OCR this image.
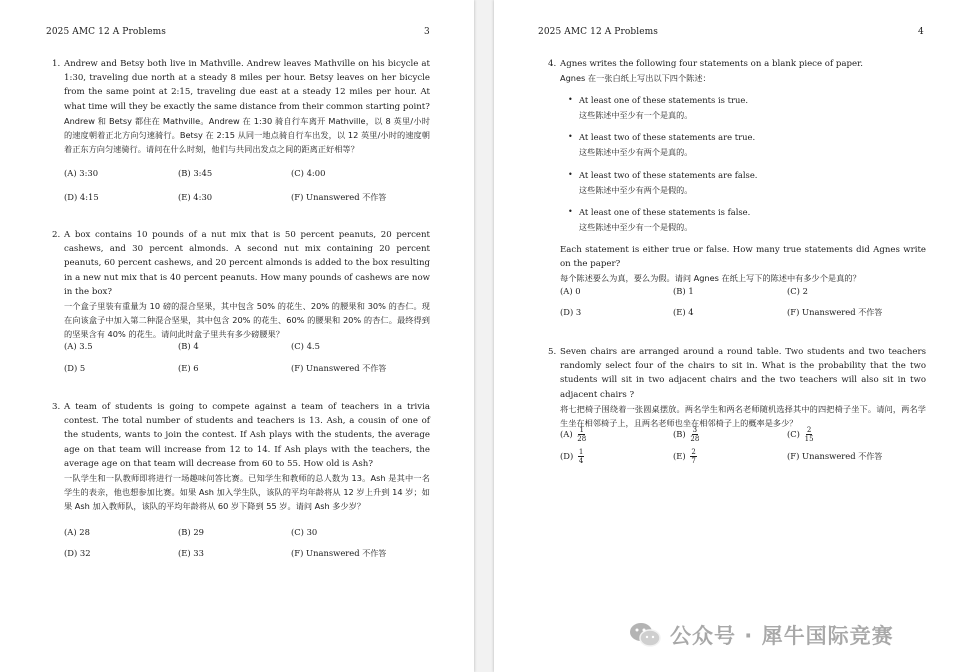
2025 AMC 12 A Problems	3
1. Andrew and Betsy both live in Mathville. Andrew leaves Mathville on his bicycle at 1:30, traveling due north at a steady 8 miles per hour. Betsy leaves on her bicycle from the same point at 2:15, traveling due east at a steady 12 miles per hour. At what time will they be exactly the same distance from their common starting point?
Andrew 和 Betsy 都住在 Mathville。Andrew 在 1:30 骑自行车离开 Mathville，以 8 英里/小时的速度朝着正北方向匀速骑行。Betsy 在 2:15 从同一地点骑自行车出发，以 12 英里/小时的速度朝着正东方向匀速骑行。请问在什么时刻，他们与共同出发点之间的距离正好相等？
(A) 3:30	(B) 3:45	(C) 4:00
(D) 4:15	(E) 4:30	(F) Unanswered 不作答
2. A box contains 10 pounds of a nut mix that is 50 percent peanuts, 20 percent cashews, and 30 percent almonds. A second nut mix containing 20 percent peanuts, 60 percent cashews, and 20 percent almonds is added to the box resulting in a new nut mix that is 40 percent peanuts. How many pounds of cashews are now in the box?
一个盒子里装有重量为 10 磅的混合坚果，其中包含 50% 的花生、20% 的腰果和 30% 的杏仁。现在向该盒子中加入第二种混合坚果，其中包含 20% 的花生、60% 的腰果和 20% 的杏仁。最终得到的坚果含有 40% 的花生。请问此时盒子里共有多少磅腰果？
(A) 3.5	(B) 4	(C) 4.5
(D) 5	(E) 6	(F) Unanswered 不作答
3. A team of students is going to compete against a team of teachers in a trivia contest. The total number of students and teachers is 13. Ash, a cousin of one of the students, wants to join the contest. If Ash plays with the students, the average age on that team will increase from 12 to 14. If Ash plays with the teachers, the average age on that team will decrease from 60 to 55. How old is Ash?
一队学生和一队教师即将进行一场趣味问答比赛。已知学生和教师的总人数为 13。Ash 是其中一名学生的表亲，他也想参加比赛。如果 Ash 加入学生队，该队的平均年龄将从 12 岁上升到 14 岁；如果 Ash 加入教师队，该队的平均年龄将从 60 岁下降到 55 岁。请问 Ash 多少岁？
(A) 28	(B) 29	(C) 30
(D) 32	(E) 33	(F) Unanswered 不作答
2025 AMC 12 A Problems	4
4. Agnes writes the following four statements on a blank piece of paper.
Agnes 在一张白纸上写出以下四个陈述：
• At least one of these statements is true.
这些陈述中至少有一个是真的。
• At least two of these statements are true.
这些陈述中至少有两个是真的。
• At least two of these statements are false.
这些陈述中至少有两个是假的。
• At least one of these statements is false.
这些陈述中至少有一个是假的。
Each statement is either true or false. How many true statements did Agnes write on the paper?
每个陈述要么为真，要么为假。请问 Agnes 在纸上写下的陈述中有多少个是真的？
(A) 0	(B) 1	(C) 2
(D) 3	(E) 4	(F) Unanswered 不作答
5. Seven chairs are arranged around a round table. Two students and two teachers randomly select four of the chairs to sit in. What is the probability that the two students will sit in two adjacent chairs and the two teachers will also sit in two adjacent chairs ?
将七把椅子围绕着一张圆桌摆放。两名学生和两名老师随机选择其中的四把椅子坐下。请问，两名学生坐在相邻椅子上，且两名老师也坐在相邻椅子上的概率是多少？
$(A) \frac{1}{28}$	$(B) \frac{3}{28}$	$(C) \frac{2}{15}$
$(D) \frac{1}{4}$	$(E) \frac{2}{7}$	(F) Unanswered 不作答
公众号 · 犀牛国际竞赛
